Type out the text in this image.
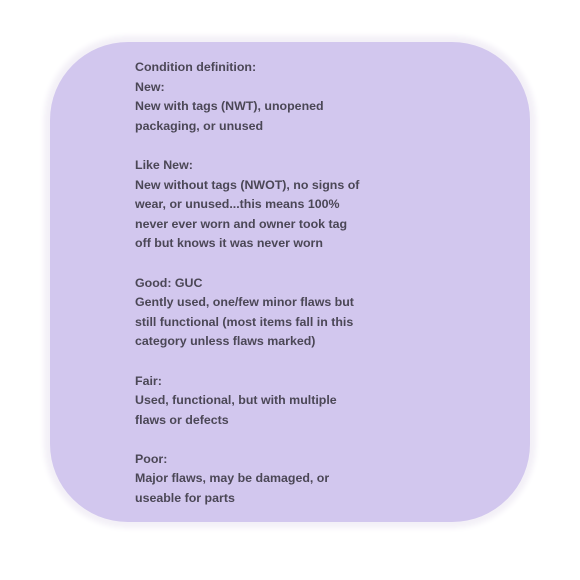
Condition definition:
New:
New with tags (NWT), unopened
packaging, or unused
Like New:
New without tags (NWOT), no signs of
wear, or unused...this means 100%
never ever worn and owner took tag
off but knows it was never worn
Good: GUC
Gently used, one/few minor flaws but
still functional (most items fall in this
category unless flaws marked)
Fair:
Used, functional, but with multiple
flaws or defects
Poor:
Major flaws, may be damaged, or
useable for parts
